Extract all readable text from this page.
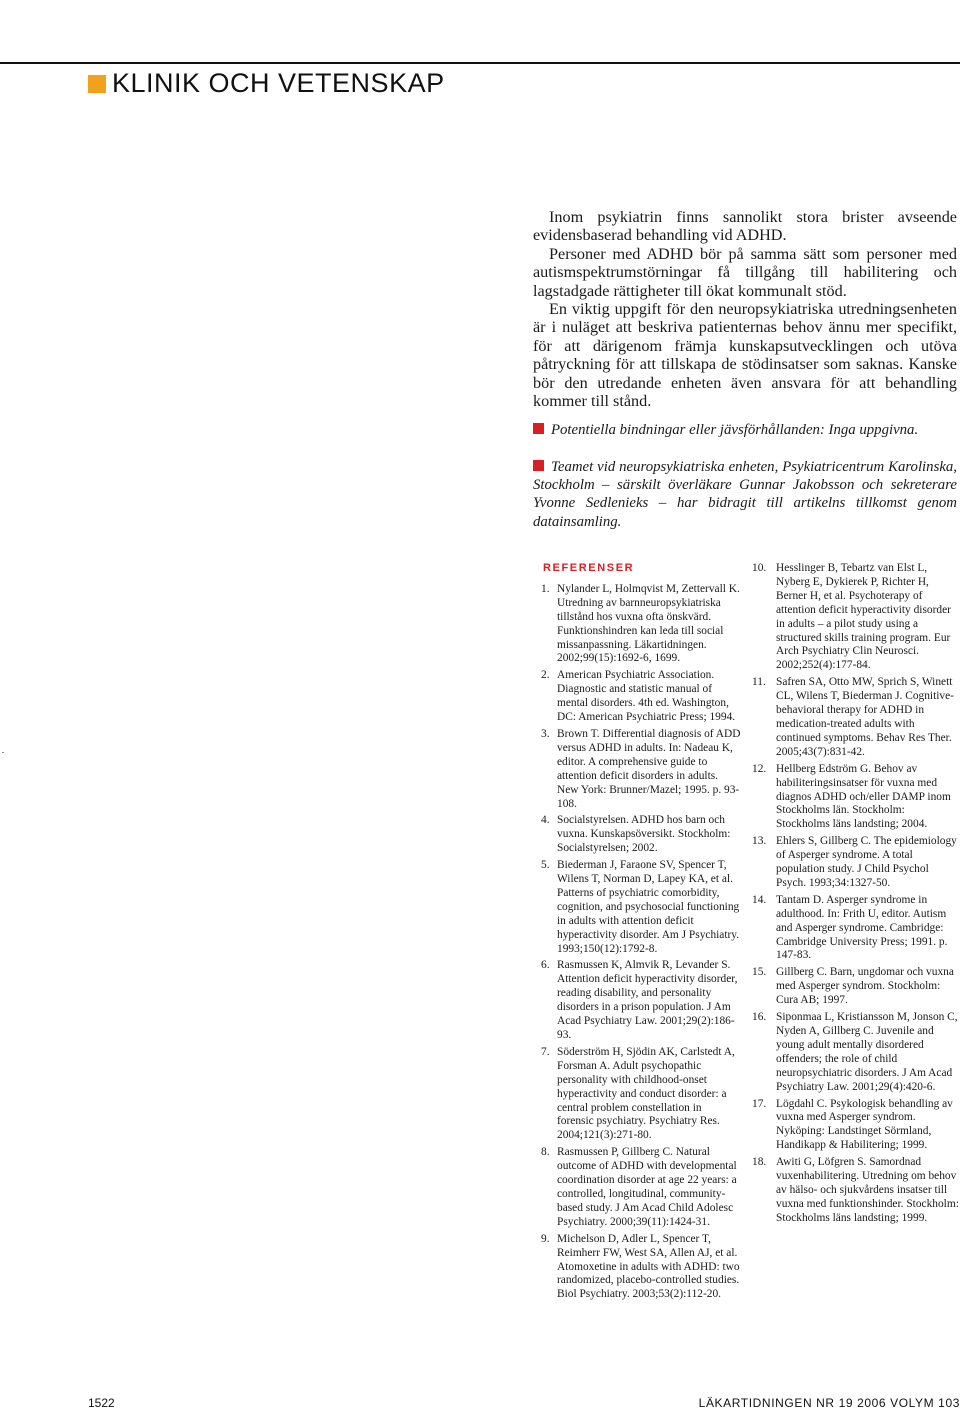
KLINIK OCH VETENSKAP

Inom psykiatrin finns sannolikt stora brister avseende evidensbaserad behandling vid ADHD.

Personer med ADHD bör på samma sätt som personer med autismspektrumstörningar få tillgång till habilitering och lagstadgade rättigheter till ökat kommunalt stöd.

En viktig uppgift för den neuropsykiatriska utredningsenheten är i nuläget att beskriva patienternas behov ännu mer specifikt, för att därigenom främja kunskapsutvecklingen och utöva påtryckning för att tillskapa de stödinsatser som saknas. Kanske bör den utredande enheten även ansvara för att behandling kommer till stånd.

Potentiella bindningar eller jävsförhållanden: Inga uppgivna.
Teamet vid neuropsykiatriska enheten, Psykiatricentrum Karolinska, Stockholm – särskilt överläkare Gunnar Jakobsson och sekreterare Yvonne Sedlenieks – har bidragit till artikelns tillkomst genom datainsamling.
REFERENSER
1. Nylander L, Holmqvist M, Zettervall K. Utredning av barnneuropsykiatriska tillstånd hos vuxna ofta önskvärd. Funktionshindren kan leda till social missanpassning. Läkartidningen. 2002;99(15):1692-6, 1699.
2. American Psychiatric Association. Diagnostic and statistic manual of mental disorders. 4th ed. Washington, DC: American Psychiatric Press; 1994.
3. Brown T. Differential diagnosis of ADD versus ADHD in adults. In: Nadeau K, editor. A comprehensive guide to attention deficit disorders in adults. New York: Brunner/Mazel; 1995. p. 93-108.
4. Socialstyrelsen. ADHD hos barn och vuxna. Kunskapsöversikt. Stockholm: Socialstyrelsen; 2002.
5. Biederman J, Faraone SV, Spencer T, Wilens T, Norman D, Lapey KA, et al. Patterns of psychiatric comorbidity, cognition, and psychosocial functioning in adults with attention deficit hyperactivity disorder. Am J Psychiatry. 1993;150(12):1792-8.
6. Rasmussen K, Almvik R, Levander S. Attention deficit hyperactivity disorder, reading disability, and personality disorders in a prison population. J Am Acad Psychiatry Law. 2001;29(2):186-93.
7. Söderström H, Sjödin AK, Carlstedt A, Forsman A. Adult psychopathic personality with childhood-onset hyperactivity and conduct disorder: a central problem constellation in forensic psychiatry. Psychiatry Res. 2004;121(3):271-80.
8. Rasmussen P, Gillberg C. Natural outcome of ADHD with developmental coordination disorder at age 22 years: a controlled, longitudinal, community-based study. J Am Acad Child Adolesc Psychiatry. 2000;39(11):1424-31.
9. Michelson D, Adler L, Spencer T, Reimherr FW, West SA, Allen AJ, et al. Atomoxetine in adults with ADHD: two randomized, placebo-controlled studies. Biol Psychiatry. 2003;53(2):112-20.
10. Hesslinger B, Tebartz van Elst L, Nyberg E, Dykierek P, Richter H, Berner H, et al. Psychoterapy of attention deficit hyperactivity disorder in adults – a pilot study using a structured skills training program. Eur Arch Psychiatry Clin Neurosci. 2002;252(4):177-84.
11. Safren SA, Otto MW, Sprich S, Winett CL, Wilens T, Biederman J. Cognitive-behavioral therapy for ADHD in medication-treated adults with continued symptoms. Behav Res Ther. 2005;43(7):831-42.
12. Hellberg Edström G. Behov av habiliteringsinsatser för vuxna med diagnos ADHD och/eller DAMP inom Stockholms län. Stockholm: Stockholms läns landsting; 2004.
13. Ehlers S, Gillberg C. The epidemiology of Asperger syndrome. A total population study. J Child Psychol Psych. 1993;34:1327-50.
14. Tantam D. Asperger syndrome in adulthood. In: Frith U, editor. Autism and Asperger syndrome. Cambridge: Cambridge University Press; 1991. p. 147-83.
15. Gillberg C. Barn, ungdomar och vuxna med Asperger syndrom. Stockholm: Cura AB; 1997.
16. Siponmaa L, Kristiansson M, Jonson C, Nyden A, Gillberg C. Juvenile and young adult mentally disordered offenders; the role of child neuropsychiatric disorders. J Am Acad Psychiatry Law. 2001;29(4):420-6.
17. Lögdahl C. Psykologisk behandling av vuxna med Asperger syndrom. Nyköping: Landstinget Sörmland, Handikapp & Habilitering; 1999.
18. Awiti G, Löfgren S. Samordnad vuxenhabilitering. Utredning om behov av hälso- och sjukvårdens insatser till vuxna med funktionshinder. Stockholm: Stockholms läns landsting; 1999.
1522	LÄKARTIDNINGEN NR 19 2006 VOLYM 103
